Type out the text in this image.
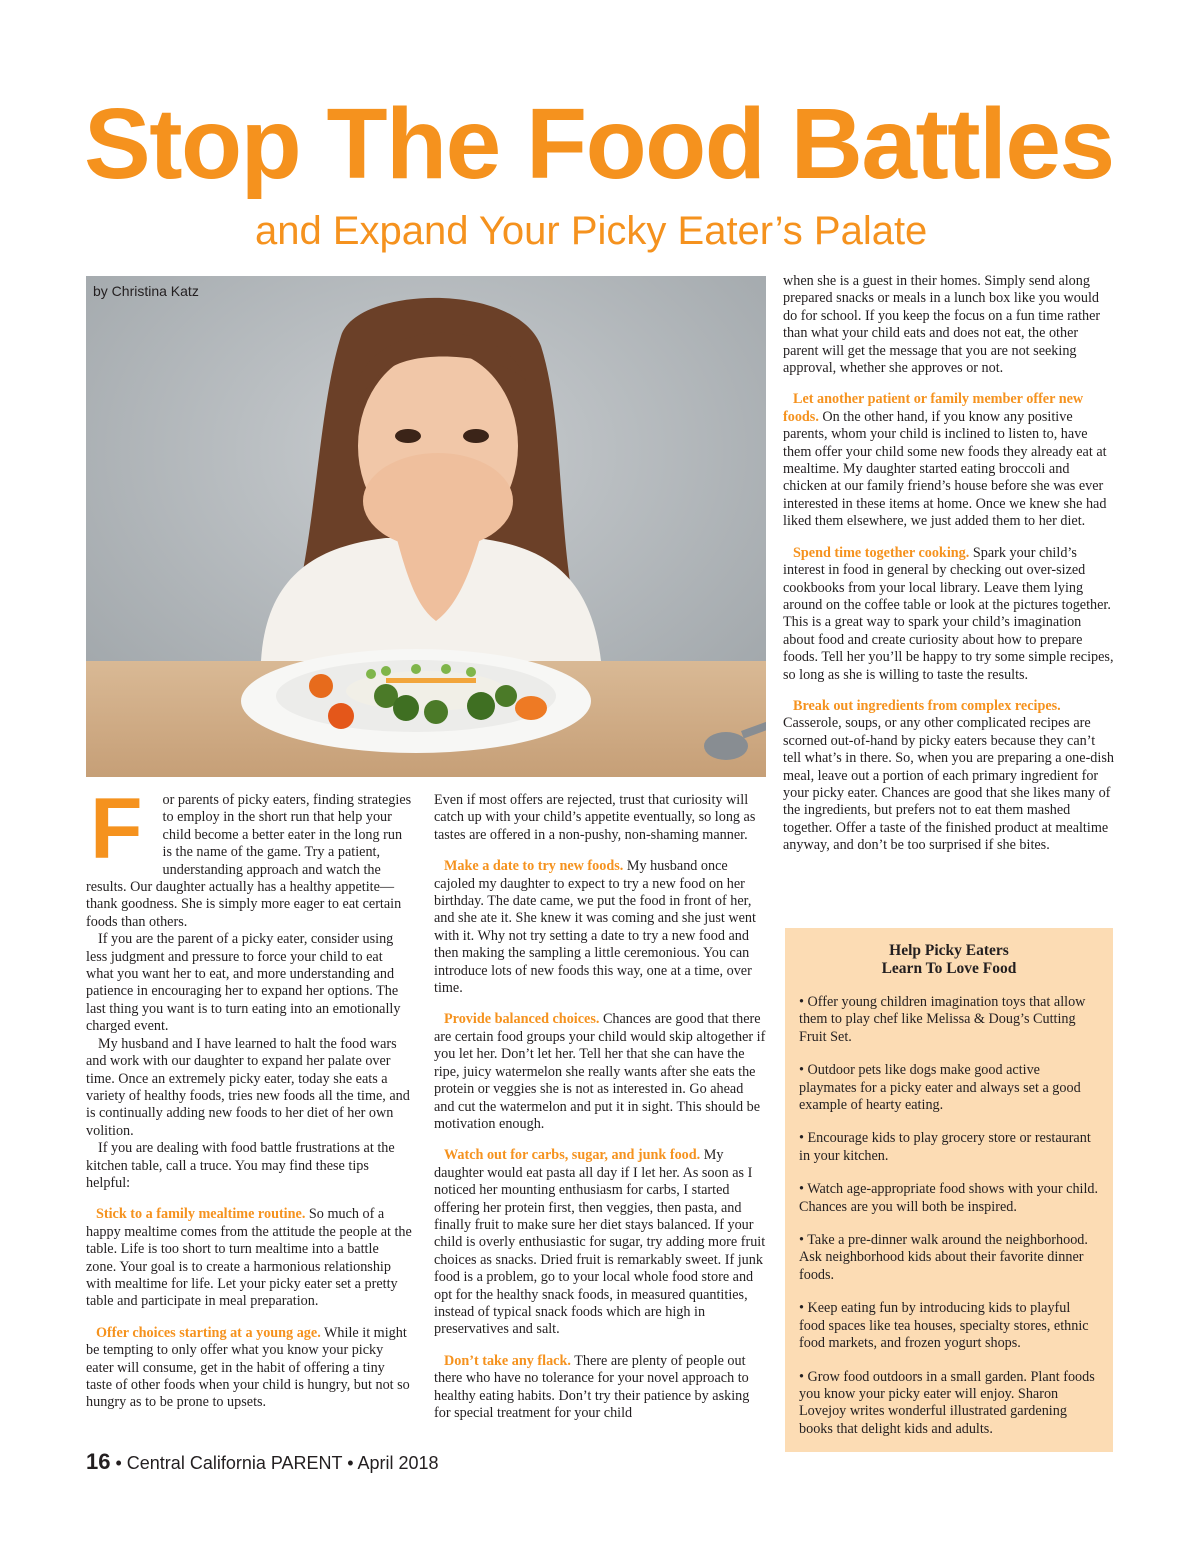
Stop The Food Battles
and Expand Your Picky Eater’s Palate
by Christina Katz
F	or parents of picky eaters, finding strategies to employ in the short run that help your child become a better eater in the long run is the name of the game. Try a patient, understanding approach and watch the results. Our daughter actually has a healthy appetite—thank goodness. She is simply more eager to eat certain foods than others.

If you are the parent of a picky eater, consider using less judgment and pressure to force your child to eat what you want her to eat, and more understanding and patience in encouraging her to expand her options. The last thing you want is to turn eating into an emotionally charged event.

My husband and I have learned to halt the food wars and work with our daughter to expand her palate over time. Once an extremely picky eater, today she eats a variety of healthy foods, tries new foods all the time, and is continually adding new foods to her diet of her own volition.

If you are dealing with food battle frustrations at the kitchen table, call a truce. You may find these tips helpful:

Stick to a family mealtime routine. So much of a happy mealtime comes from the attitude the people at the table. Life is too short to turn mealtime into a battle zone. Your goal is to create a harmonious relationship with mealtime for life. Let your picky eater set a pretty table and participate in meal preparation.

Offer choices starting at a young age. While it might be tempting to only offer what you know your picky eater will consume, get in the habit of offering a tiny taste of other foods when your child is hungry, but not so hungry as to be prone to upsets.

Even if most offers are rejected, trust that curiosity will catch up with your child’s appetite eventually, so long as tastes are offered in a non-pushy, non-shaming manner.

Make a date to try new foods. My husband once cajoled my daughter to expect to try a new food on her birthday. The date came, we put the food in front of her, and she ate it. She knew it was coming and she just went with it. Why not try setting a date to try a new food and then making the sampling a little ceremonious. You can introduce lots of new foods this way, one at a time, over time.

Provide balanced choices. Chances are good that there are certain food groups your child would skip altogether if you let her. Don’t let her. Tell her that she can have the ripe, juicy watermelon she really wants after she eats the protein or veggies she is not as interested in. Go ahead and cut the watermelon and put it in sight. This should be motivation enough.

Watch out for carbs, sugar, and junk food. My daughter would eat pasta all day if I let her. As soon as I noticed her mounting enthusiasm for carbs, I started offering her protein first, then veggies, then pasta, and finally fruit to make sure her diet stays balanced. If your child is overly enthusiastic for sugar, try adding more fruit choices as snacks. Dried fruit is remarkably sweet. If junk food is a problem, go to your local whole food store and opt for the healthy snack foods, in measured quantities, instead of typical snack foods which are high in preservatives and salt.

Don’t take any flack. There are plenty of people out there who have no tolerance for your novel approach to healthy eating habits. Don’t try their patience by asking for special treatment for your child

when she is a guest in their homes. Simply send along prepared snacks or meals in a lunch box like you would do for school. If you keep the focus on a fun time rather than what your child eats and does not eat, the other parent will get the message that you are not seeking approval, whether she approves or not.

Let another patient or family member offer new foods. On the other hand, if you know any positive parents, whom your child is inclined to listen to, have them offer your child some new foods they already eat at mealtime. My daughter started eating broccoli and chicken at our family friend’s house before she was ever interested in these items at home. Once we knew she had liked them elsewhere, we just added them to her diet.

Spend time together cooking. Spark your child’s interest in food in general by checking out over-sized cookbooks from your local library. Leave them lying around on the coffee table or look at the pictures together. This is a great way to spark your child’s imagination about food and create curiosity about how to prepare foods. Tell her you’ll be happy to try some simple recipes, so long as she is willing to taste the results.

Break out ingredients from complex recipes. Casserole, soups, or any other complicated recipes are scorned out-of-hand by picky eaters because they can’t tell what’s in there. So, when you are preparing a one-dish meal, leave out a portion of each primary ingredient for your picky eater. Chances are good that she likes many of the ingredients, but prefers not to eat them mashed together. Offer a taste of the finished product at mealtime anyway, and don’t be too surprised if she bites.

Help Picky Eaters
Learn To Love Food
• Offer young children imagination toys that allow them to play chef like Melissa & Doug’s Cutting Fruit Set.
• Outdoor pets like dogs make good active playmates for a picky eater and always set a good example of hearty eating.
• Encourage kids to play grocery store or restaurant in your kitchen.
• Watch age-appropriate food shows with your child. Chances are you will both be inspired.
• Take a pre-dinner walk around the neighborhood. Ask neighborhood kids about their favorite dinner foods.
• Keep eating fun by introducing kids to playful food spaces like tea houses, specialty stores, ethnic food markets, and frozen yogurt shops.
• Grow food outdoors in a small garden. Plant foods you know your picky eater will enjoy. Sharon Lovejoy writes wonderful illustrated gardening books that delight kids and adults.
16 • Central California PARENT • April 2018
